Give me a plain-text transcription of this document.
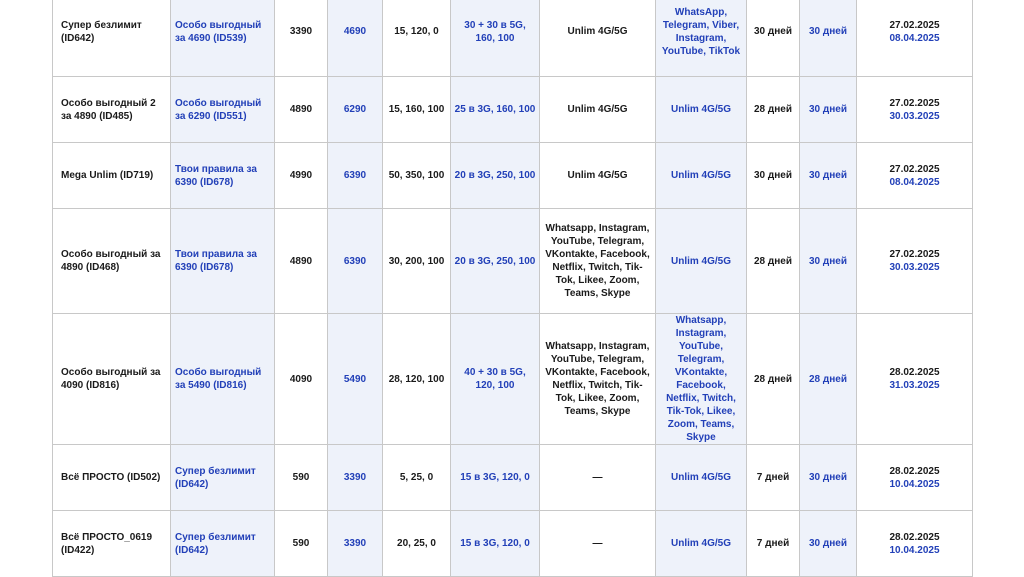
Супер безлимит (ID642)	Особо выгодный за 4690 (ID539)	3390	4690	15, 120, 0	30 + 30 в 5G, 160, 100	Unlim 4G/5G	WhatsApp, Telegram, Viber, Instagram, YouTube, TikTok	30 дней	30 дней	27.02.2025
08.04.2025

Особо выгодный 2 за 4890 (ID485)	Особо выгодный за 6290 (ID551)	4890	6290	15, 160, 100	25 в 3G, 160, 100	Unlim 4G/5G	Unlim 4G/5G	28 дней	30 дней	27.02.2025
30.03.2025

Mega Unlim (ID719)	Твои правила за 6390 (ID678)	4990	6390	50, 350, 100	20 в 3G, 250, 100	Unlim 4G/5G	Unlim 4G/5G	30 дней	30 дней	27.02.2025
08.04.2025

Особо выгодный за 4890 (ID468)	Твои правила за 6390 (ID678)	4890	6390	30, 200, 100	20 в 3G, 250, 100	Whatsapp, Instagram, YouTube, Telegram, VKontakte, Facebook, Netflix, Twitch, Tik-Tok, Likee, Zoom, Teams, Skype	Unlim 4G/5G	28 дней	30 дней	27.02.2025
30.03.2025

Особо выгодный за 4090 (ID816)	Особо выгодный за 5490 (ID816)	4090	5490	28, 120, 100	40 + 30 в 5G, 120, 100	Whatsapp, Instagram, YouTube, Telegram, VKontakte, Facebook, Netflix, Twitch, Tik-Tok, Likee, Zoom, Teams, Skype	Whatsapp, Instagram, YouTube, Telegram, VKontakte, Facebook, Netflix, Twitch, Tik-Tok, Likee, Zoom, Teams, Skype	28 дней	28 дней	28.02.2025
31.03.2025

Всё ПРОСТО (ID502)	Супер безлимит (ID642)	590	3390	5, 25, 0	15 в 3G, 120, 0	—	Unlim 4G/5G	7 дней	30 дней	28.02.2025
10.04.2025

Всё ПРОСТО_0619 (ID422)	Супер безлимит (ID642)	590	3390	20, 25, 0	15 в 3G, 120, 0	—	Unlim 4G/5G	7 дней	30 дней	28.02.2025
10.04.2025
